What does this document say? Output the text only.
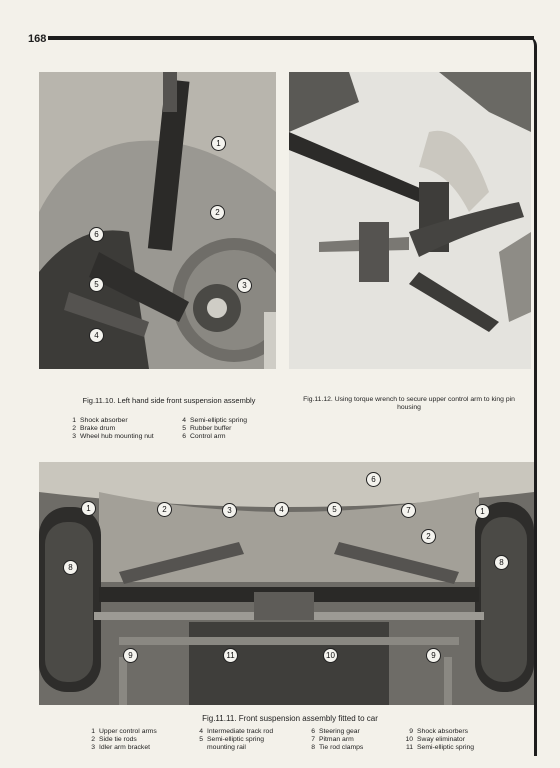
168
1
2
3
4
5
6
Fig.11.10. Left hand side front suspension assembly
1 Shock absorber
2 Brake drum
3 Wheel hub mounting nut
4 Semi-elliptic spring
5 Rubber buffer
6 Control arm
Fig.11.12. Using torque wrench to secure upper control arm to king pin housing
1	2	3	4	5
6
7
2
1
8
8
9	11	10	9
Fig.11.11. Front suspension assembly fitted to car
1 Upper control arms
2 Side tie rods
3 Idler arm bracket
4 Intermediate track rod
5 Semi-elliptic spring mounting rail
6 Steering gear
7 Pitman arm
8 Tie rod clamps
9 Shock absorbers
10 Sway eliminator
11 Semi-elliptic spring
